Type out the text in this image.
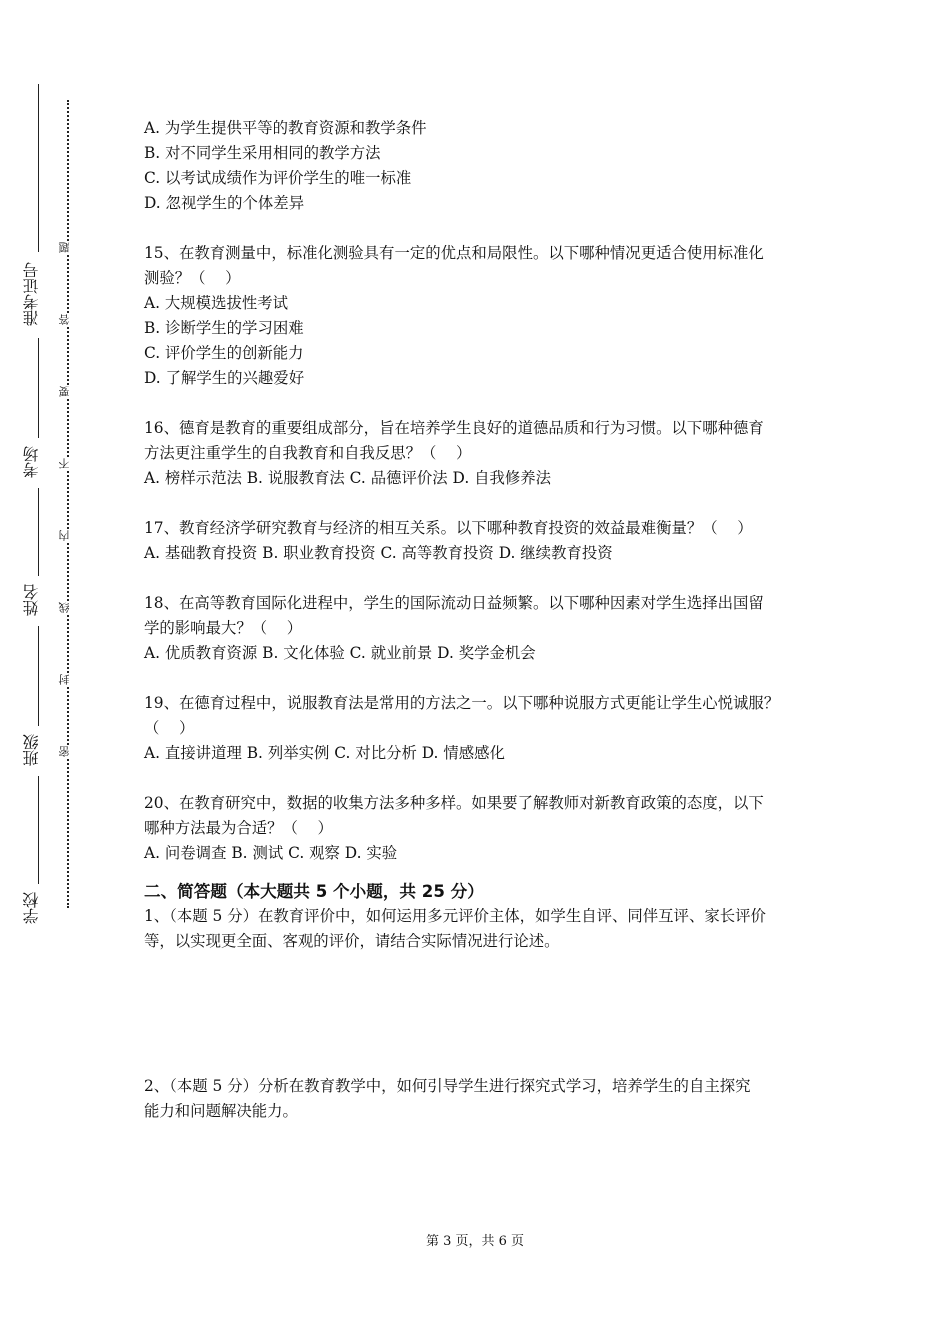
准考证号
考场
姓名
班级
学校
题
答
要
不
内
线
封
密

A. 为学生提供平等的教育资源和教学条件

B. 对不同学生采用相同的教学方法

C. 以考试成绩作为评价学生的唯一标准

D. 忽视学生的个体差异

15、在教育测量中，标准化测验具有一定的优点和局限性。以下哪种情况更适合使用标准化

测验？（    ）

A. 大规模选拔性考试

B. 诊断学生的学习困难

C. 评价学生的创新能力

D. 了解学生的兴趣爱好

16、德育是教育的重要组成部分，旨在培养学生良好的道德品质和行为习惯。以下哪种德育

方法更注重学生的自我教育和自我反思？（    ）

A. 榜样示范法 B. 说服教育法 C. 品德评价法 D. 自我修养法

17、教育经济学研究教育与经济的相互关系。以下哪种教育投资的效益最难衡量？（    ）

A. 基础教育投资 B. 职业教育投资 C. 高等教育投资 D. 继续教育投资

18、在高等教育国际化进程中，学生的国际流动日益频繁。以下哪种因素对学生选择出国留

学的影响最大？（    ）

A. 优质教育资源 B. 文化体验 C. 就业前景 D. 奖学金机会

19、在德育过程中，说服教育法是常用的方法之一。以下哪种说服方式更能让学生心悦诚服？

（    ）

A. 直接讲道理 B. 列举实例 C. 对比分析 D. 情感感化

20、在教育研究中，数据的收集方法多种多样。如果要了解教师对新教育政策的态度，以下

哪种方法最为合适？（    ）

A. 问卷调查 B. 测试 C. 观察 D. 实验

二、简答题（本大题共 5 个小题，共 25 分）

1、（本题 5 分）在教育评价中，如何运用多元评价主体，如学生自评、同伴互评、家长评价

等，以实现更全面、客观的评价，请结合实际情况进行论述。

2、（本题 5 分）分析在教育教学中，如何引导学生进行探究式学习，培养学生的自主探究

能力和问题解决能力。

第 3 页，共 6 页
